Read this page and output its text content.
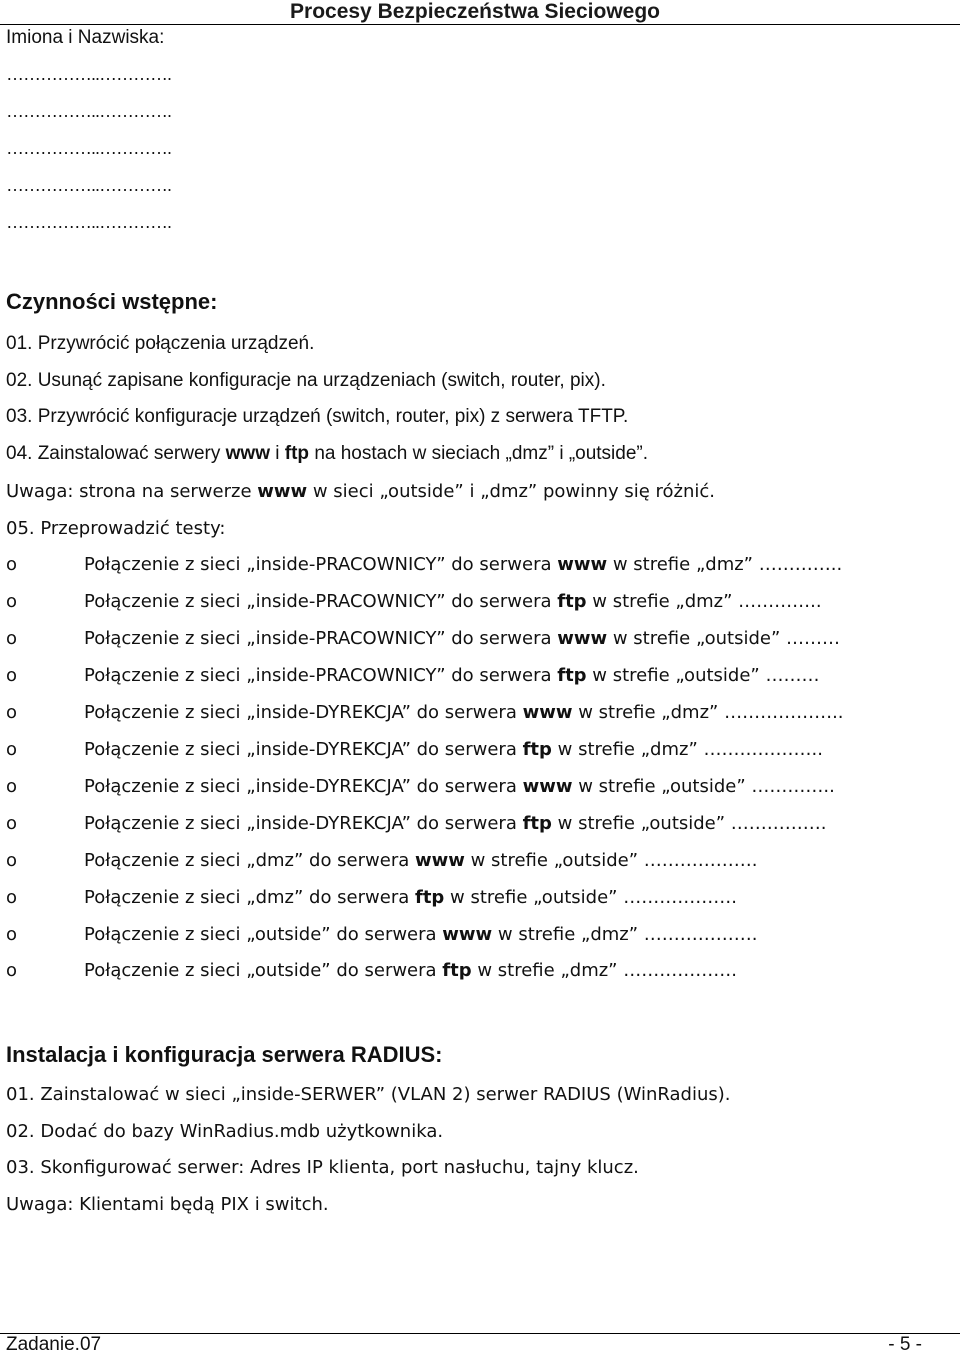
Procesy Bezpieczeństwa Sieciowego
Imiona i Nazwiska:
……………..………….
……………..………….
……………..………….
……………..………….
……………..………….
Czynności wstępne:
01. Przywrócić połączenia urządzeń.
02. Usunąć zapisane konfiguracje na urządzeniach (switch, router, pix).
03. Przywrócić konfiguracje urządzeń (switch, router, pix) z serwera TFTP.
04. Zainstalować serwery www i ftp na hostach w sieciach „dmz” i „outside”.
Uwaga: strona na serwerze www w sieci „outside” i „dmz” powinny się różnić.
05. Przeprowadzić testy:
o	Połączenie z sieci „inside-PRACOWNICY” do serwera www w strefie „dmz” …………..
o	Połączenie z sieci „inside-PRACOWNICY” do serwera ftp w strefie „dmz” …………..
o	Połączenie z sieci „inside-PRACOWNICY” do serwera www w strefie „outside” ………
o	Połączenie z sieci „inside-PRACOWNICY” do serwera ftp w strefie „outside” ………
o	Połączenie z sieci „inside-DYREKCJA” do serwera www w strefie „dmz” ………………..
o	Połączenie z sieci „inside-DYREKCJA” do serwera ftp w strefie „dmz” ………………..
o	Połączenie z sieci „inside-DYREKCJA” do serwera www w strefie „outside” …………..
o	Połączenie z sieci „inside-DYREKCJA” do serwera ftp w strefie „outside” …………….
o	Połączenie z sieci „dmz” do serwera www w strefie „outside” ……………….
o	Połączenie z sieci „dmz” do serwera ftp w strefie „outside” ……………….
o	Połączenie z sieci „outside” do serwera www w strefie „dmz” ……………….
o	Połączenie z sieci „outside” do serwera ftp w strefie „dmz” ……………….
Instalacja i konfiguracja serwera RADIUS:
01. Zainstalować w sieci „inside-SERWER” (VLAN 2) serwer RADIUS (WinRadius).
02. Dodać do bazy WinRadius.mdb użytkownika.
03. Skonfigurować serwer: Adres IP klienta, port nasłuchu, tajny klucz.
Uwaga: Klientami będą PIX i switch.
Zadanie.07	- 5 -
